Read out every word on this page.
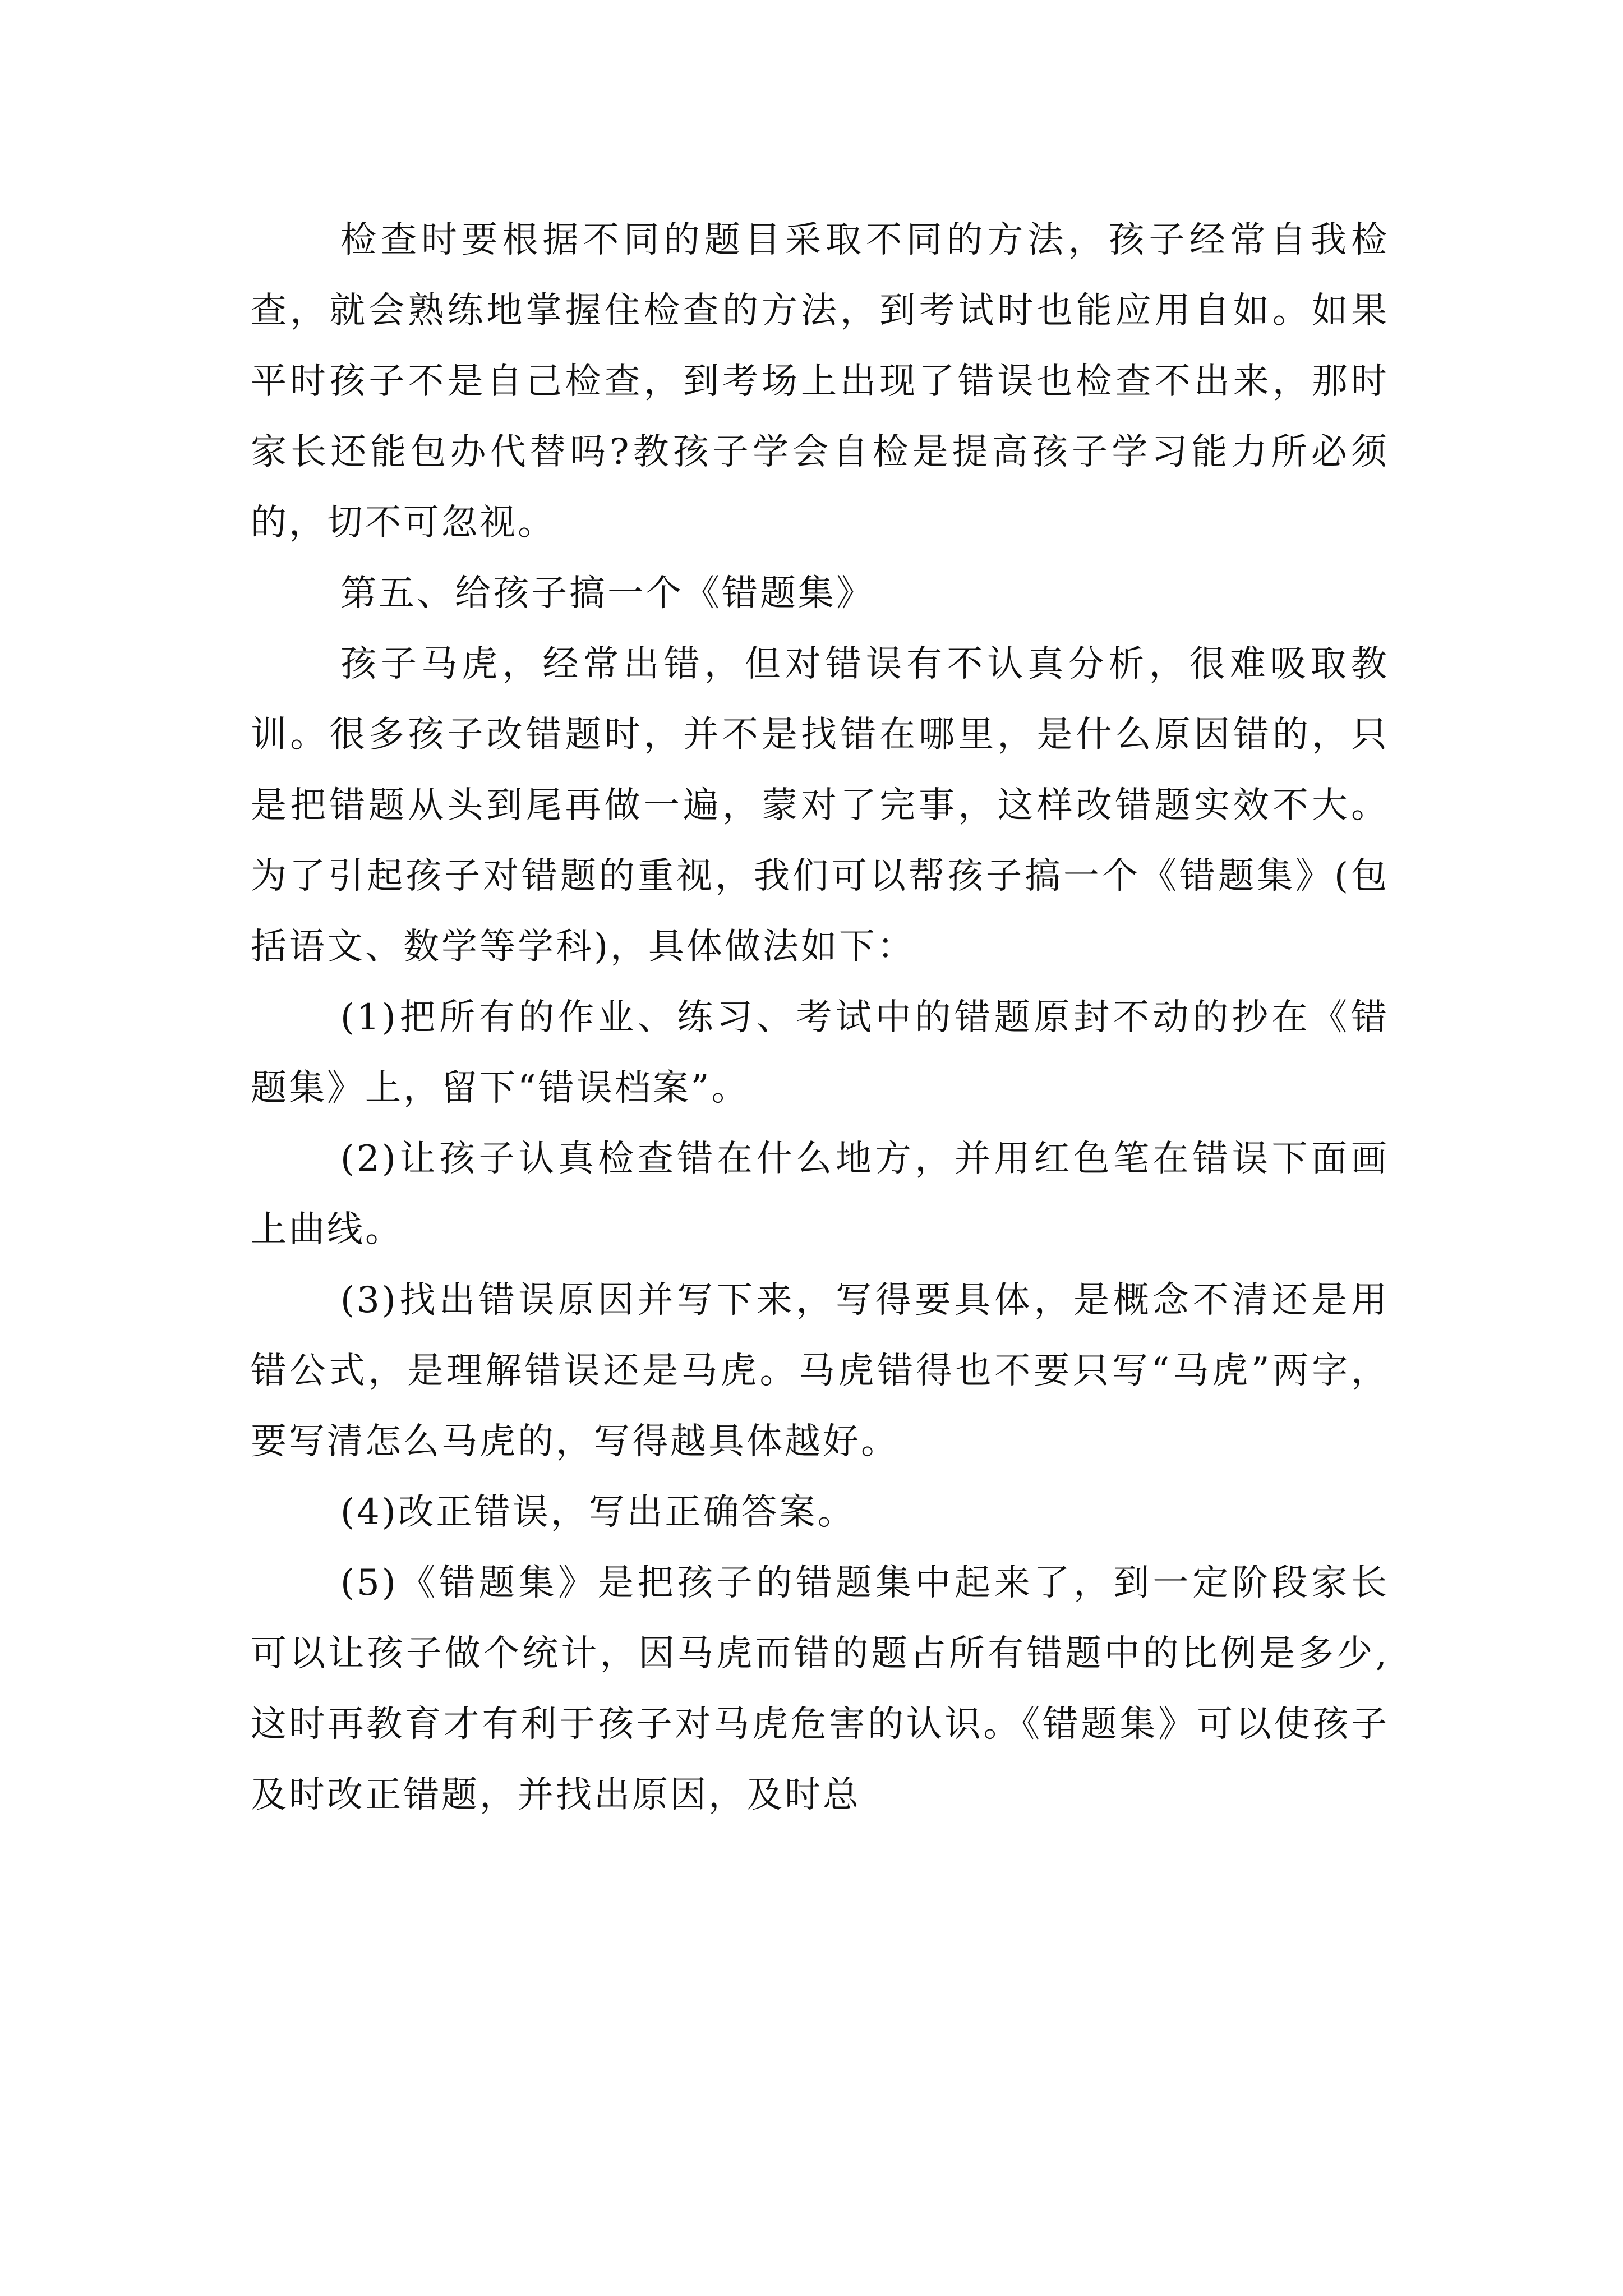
检查时要根据不同的题目采取不同的方法，孩子经常自我检查，就会熟练地掌握住检查的方法，到考试时也能应用自如。如果平时孩子不是自己检查，到考场上出现了错误也检查不出来，那时家长还能包办代替吗?教孩子学会自检是提高孩子学习能力所必须的，切不可忽视。

第五、给孩子搞一个《错题集》

孩子马虎，经常出错，但对错误有不认真分析，很难吸取教训。很多孩子改错题时，并不是找错在哪里，是什么原因错的，只是把错题从头到尾再做一遍，蒙对了完事，这样改错题实效不大。为了引起孩子对错题的重视，我们可以帮孩子搞一个《错题集》(包括语文、数学等学科)，具体做法如下：

(1)把所有的作业、练习、考试中的错题原封不动的抄在《错题集》上，留下“错误档案”。

(2)让孩子认真检查错在什么地方，并用红色笔在错误下面画上曲线。

(3)找出错误原因并写下来，写得要具体，是概念不清还是用错公式，是理解错误还是马虎。马虎错得也不要只写“马虎”两字，要写清怎么马虎的，写得越具体越好。

(4)改正错误，写出正确答案。

(5)《错题集》是把孩子的错题集中起来了，到一定阶段家长可以让孩子做个统计，因马虎而错的题占所有错题中的比例是多少,这时再教育才有利于孩子对马虎危害的认识。《错题集》可以使孩子及时改正错题，并找出原因，及时总
